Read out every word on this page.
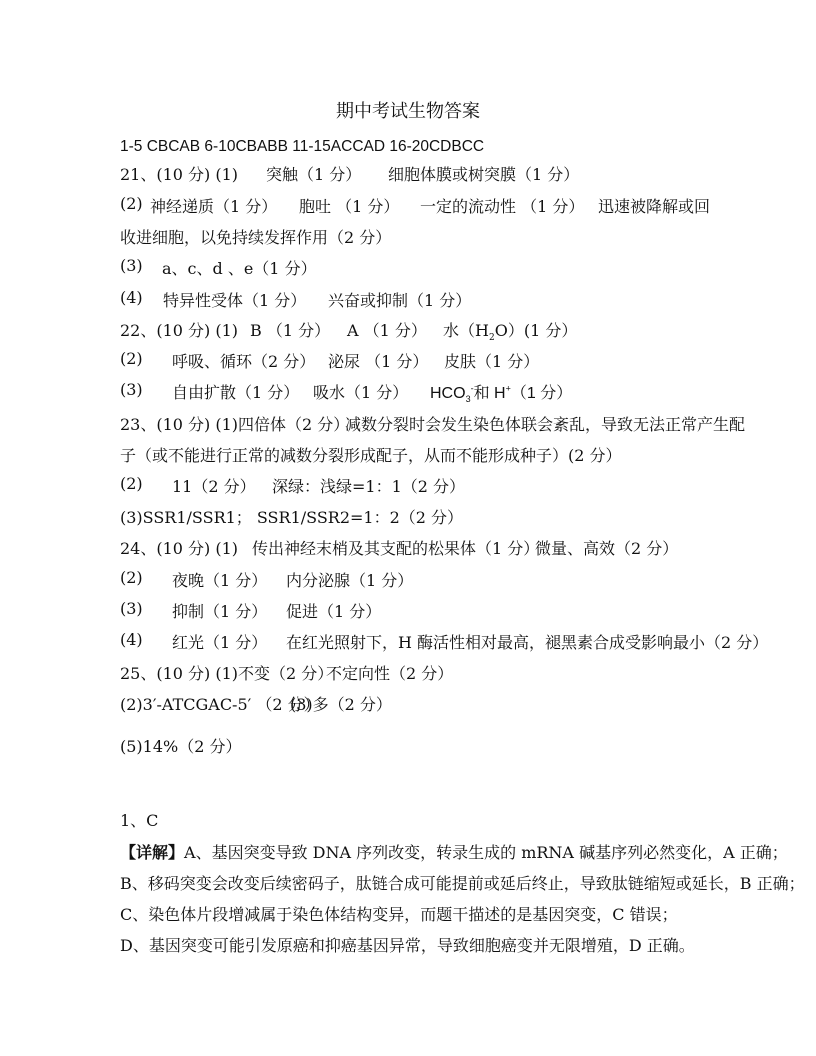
期中考试生物答案
1-5 CBCAB 6-10CBABB 11-15ACCAD 16-20CDBCC
21、(10 分) (1) 突触（1 分） 细胞体膜或树突膜（1 分）
(2) 神经递质（1 分） 胞吐 （1 分） 一定的流动性 （1 分） 迅速被降解或回
收进细胞，以免持续发挥作用（2 分）
(3) a、c、d 、e（1 分）
(4) 特异性受体（1 分） 兴奋或抑制（1 分）
22、(10 分) (1) B （1 分） A （1 分） 水$(H_2O)(1$ 分）
(2) 呼吸、循环（2 分） 泌尿 （1 分） 皮肤（1 分）
(3) 自由扩散（1 分） 吸水（1 分） $HCO_3^-$和 H+（1 分）
23、(10 分) (1)四倍体（2 分）
减数分裂时会发生染色体联会紊乱，导致无法正常产生配
子（或不能进行正常的减数分裂形成配子，从而不能形成种子）(2 分）
(2) 11（2 分） 深绿：浅绿=1：1（2 分）
(3)SSR1/SSR1； SSR1/SSR2=1：2（2 分）
24、(10 分) (1) 传出神经末梢及其支配的松果体（1 分）
微量、高效（2 分）
(2) 夜晚（1 分） 内分泌腺（1 分）
(3) 抑制（1 分） 促进（1 分）
(4) 红光（1 分） 在红光照射下，H 酶活性相对最高，褪黑素合成受影响最小（2 分）
25、(10 分) (1)不变（2 分）
不定向性（2 分）
(2)3′-ATCGAC-5′ （2 分）
(3)多（2 分）
(5)14%（2 分）
1、C
【详解】A、基因突变导致 DNA 序列改变，转录生成的 mRNA 碱基序列必然变化，A 正确；
B、移码突变会改变后续密码子，肽链合成可能提前或延后终止，导致肽链缩短或延长，B 正确；
C、染色体片段增减属于染色体结构变异，而题干描述的是基因突变，C 错误；
D、基因突变可能引发原癌和抑癌基因异常，导致细胞癌变并无限增殖，D 正确。
